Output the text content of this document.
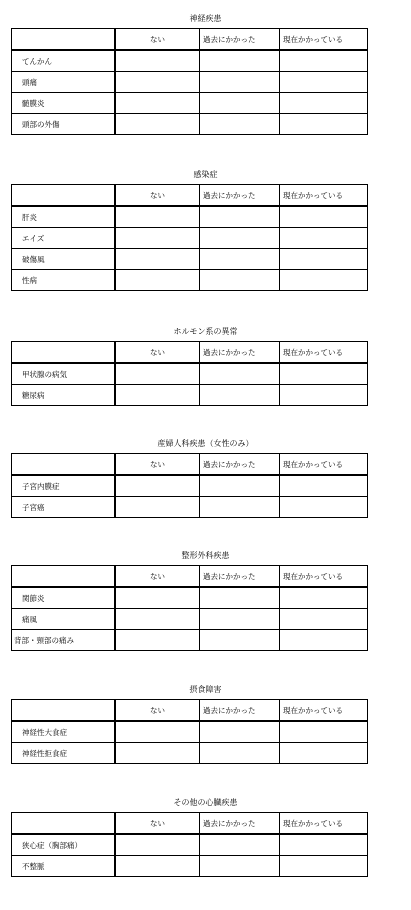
神経疾患
	ない	過去にかかった	現在かかっている
てんかん			
頭痛			
髄膜炎			
頭部の外傷			
感染症
	ない	過去にかかった	現在かかっている
肝炎			
エイズ			
破傷風			
性病			
ホルモン系の異常
	ない	過去にかかった	現在かかっている
甲状腺の病気			
糖尿病			
産婦人科疾患（女性のみ）
	ない	過去にかかった	現在かかっている
子宮内膜症			
子宮癌			
整形外科疾患
	ない	過去にかかった	現在かかっている
関節炎			
痛風			
背部・頸部の痛み			
摂食障害
	ない	過去にかかった	現在かかっている
神経性大食症			
神経性拒食症			
その他の心臓疾患
	ない	過去にかかった	現在かかっている
狭心症（胸部痛）			
不整脈			
